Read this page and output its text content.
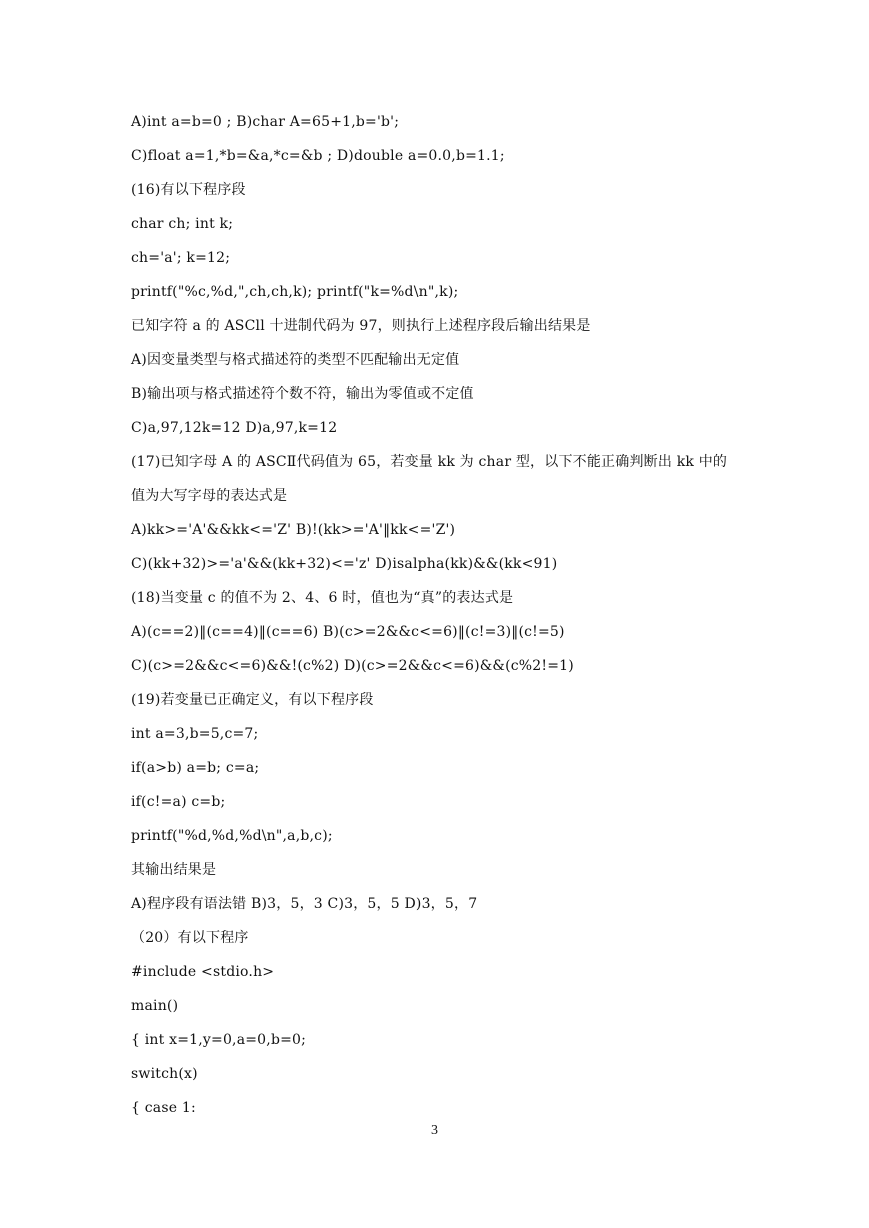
A)int a=b=0 ; B)char A=65+1,b='b';
C)float a=1,*b=&a,*c=&b ; D)double a=0.0,b=1.1;
(16)有以下程序段
char ch; int k;
ch='a'; k=12;
printf("%c,%d,",ch,ch,k); printf("k=%d\n",k);
已知字符 a 的 ASCll 十进制代码为 97，则执行上述程序段后输出结果是
A)因变量类型与格式描述符的类型不匹配输出无定值
B)输出项与格式描述符个数不符，输出为零值或不定值
C)a,97,12k=12 D)a,97,k=12
(17)已知字母 A 的 ASCⅡ代码值为 65，若变量 kk 为 char 型，以下不能正确判断出 kk 中的
值为大写字母的表达式是
A)kk>='A'&&kk<='Z' B)!(kk>='A'‖kk<='Z')
C)(kk+32)>='a'&&(kk+32)<='z' D)isalpha(kk)&&(kk<91)
(18)当变量 c 的值不为 2、4、6 时，值也为“真”的表达式是
A)(c==2)‖(c==4)‖(c==6) B)(c>=2&&c<=6)‖(c!=3)‖(c!=5)
C)(c>=2&&c<=6)&&!(c%2) D)(c>=2&&c<=6)&&(c%2!=1)
(19)若变量已正确定义，有以下程序段
int a=3,b=5,c=7;
if(a>b) a=b; c=a;
if(c!=a) c=b;
printf("%d,%d,%d\n",a,b,c);
其输出结果是
A)程序段有语法错 B)3，5，3 C)3，5，5 D)3，5，7
（20）有以下程序
#include <stdio.h>
main()
{ int x=1,y=0,a=0,b=0;
switch(x)
{ case 1:
3
